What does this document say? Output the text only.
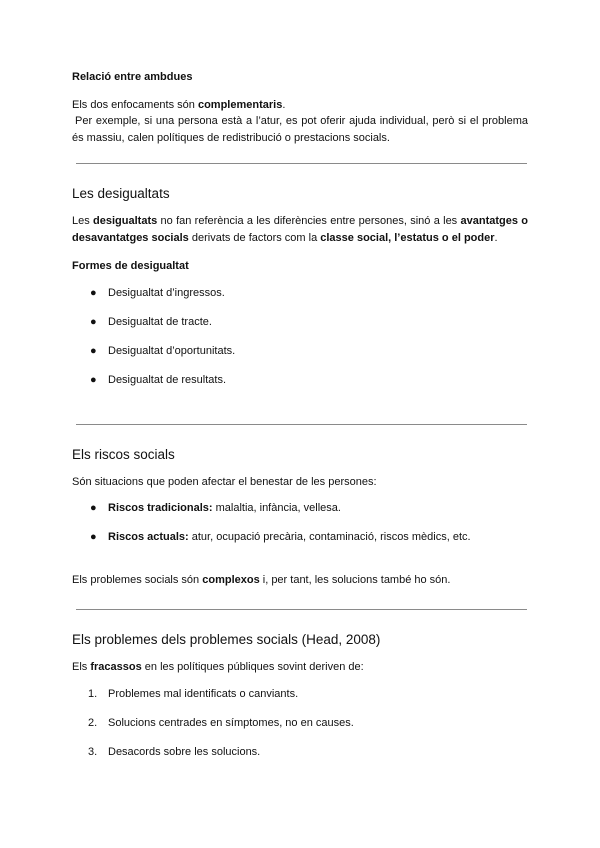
Relació entre ambdues

Els dos enfocaments són complementaris.

Per exemple, si una persona està a l’atur, es pot oferir ajuda individual, però si el problema és massiu, calen polítiques de redistribució o prestacions socials.

Les desigualtats

Les desigualtats no fan referència a les diferències entre persones, sinó a les avantatges o desavantatges socials derivats de factors com la classe social, l’estatus o el poder.

Formes de desigualtat

● Desigualtat d’ingressos.
● Desigualtat de tracte.
● Desigualtat d’oportunitats.
● Desigualtat de resultats.

Els riscos socials

Són situacions que poden afectar el benestar de les persones:

● Riscos tradicionals: malaltia, infància, vellesa.
● Riscos actuals: atur, ocupació precària, contaminació, riscos mèdics, etc.

Els problemes socials són complexos i, per tant, les solucions també ho són.

Els problemes dels problemes socials (Head, 2008)

Els fracassos en les polítiques públiques sovint deriven de:

1. Problemes mal identificats o canviants.
2. Solucions centrades en símptomes, no en causes.
3. Desacords sobre les solucions.
